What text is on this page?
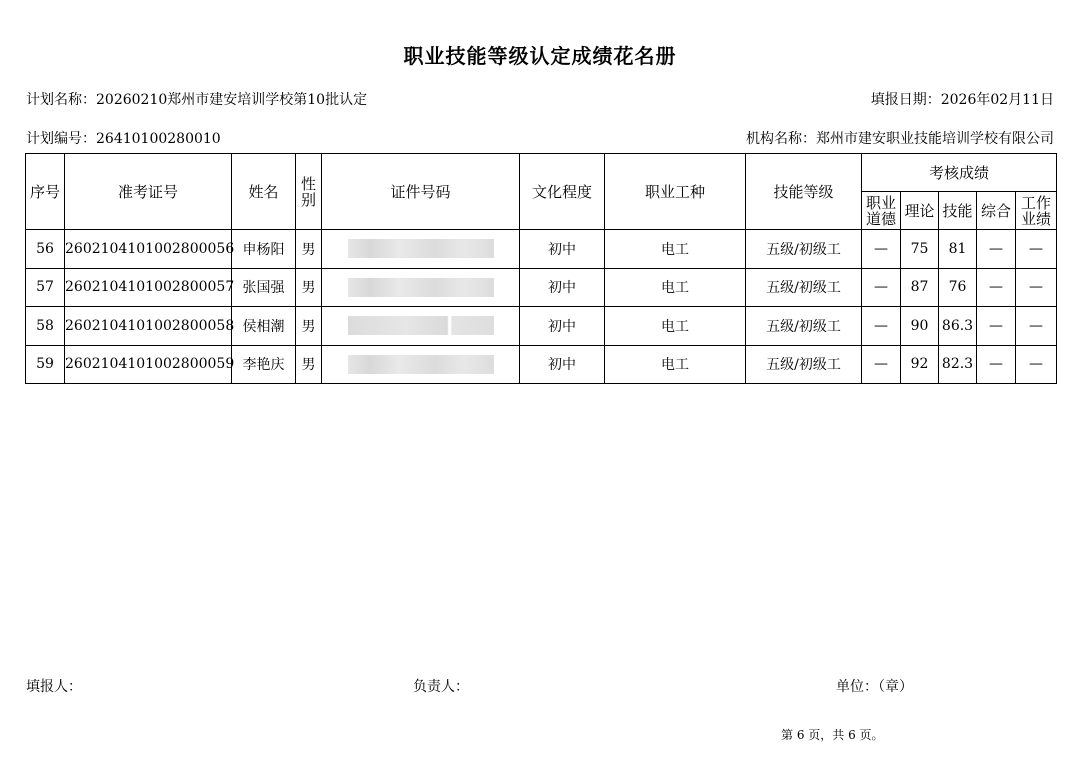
职业技能等级认定成绩花名册
计划名称：20260210郑州市建安培训学校第10批认定	填报日期：2026年02月11日
计划编号：26410100280010	机构名称：郑州市建安职业技能培训学校有限公司
序号	准考证号	姓名	性别	证件号码	文化程度	职业工种	技能等级	考核成绩				
								职业道德	理论	技能	综合	工作业绩
56	2602104101002800056	申杨阳	男		初中	电工	五级/初级工	—	75	81	—	—
57	2602104101002800057	张国强	男		初中	电工	五级/初级工	—	87	76	—	—
58	2602104101002800058	侯相潮	男		初中	电工	五级/初级工	—	90	86.3	—	—
59	2602104101002800059	李艳庆	男		初中	电工	五级/初级工	—	92	82.3	—	—
填报人：	负责人：	单位：（章）
第 6 页，共 6 页。
